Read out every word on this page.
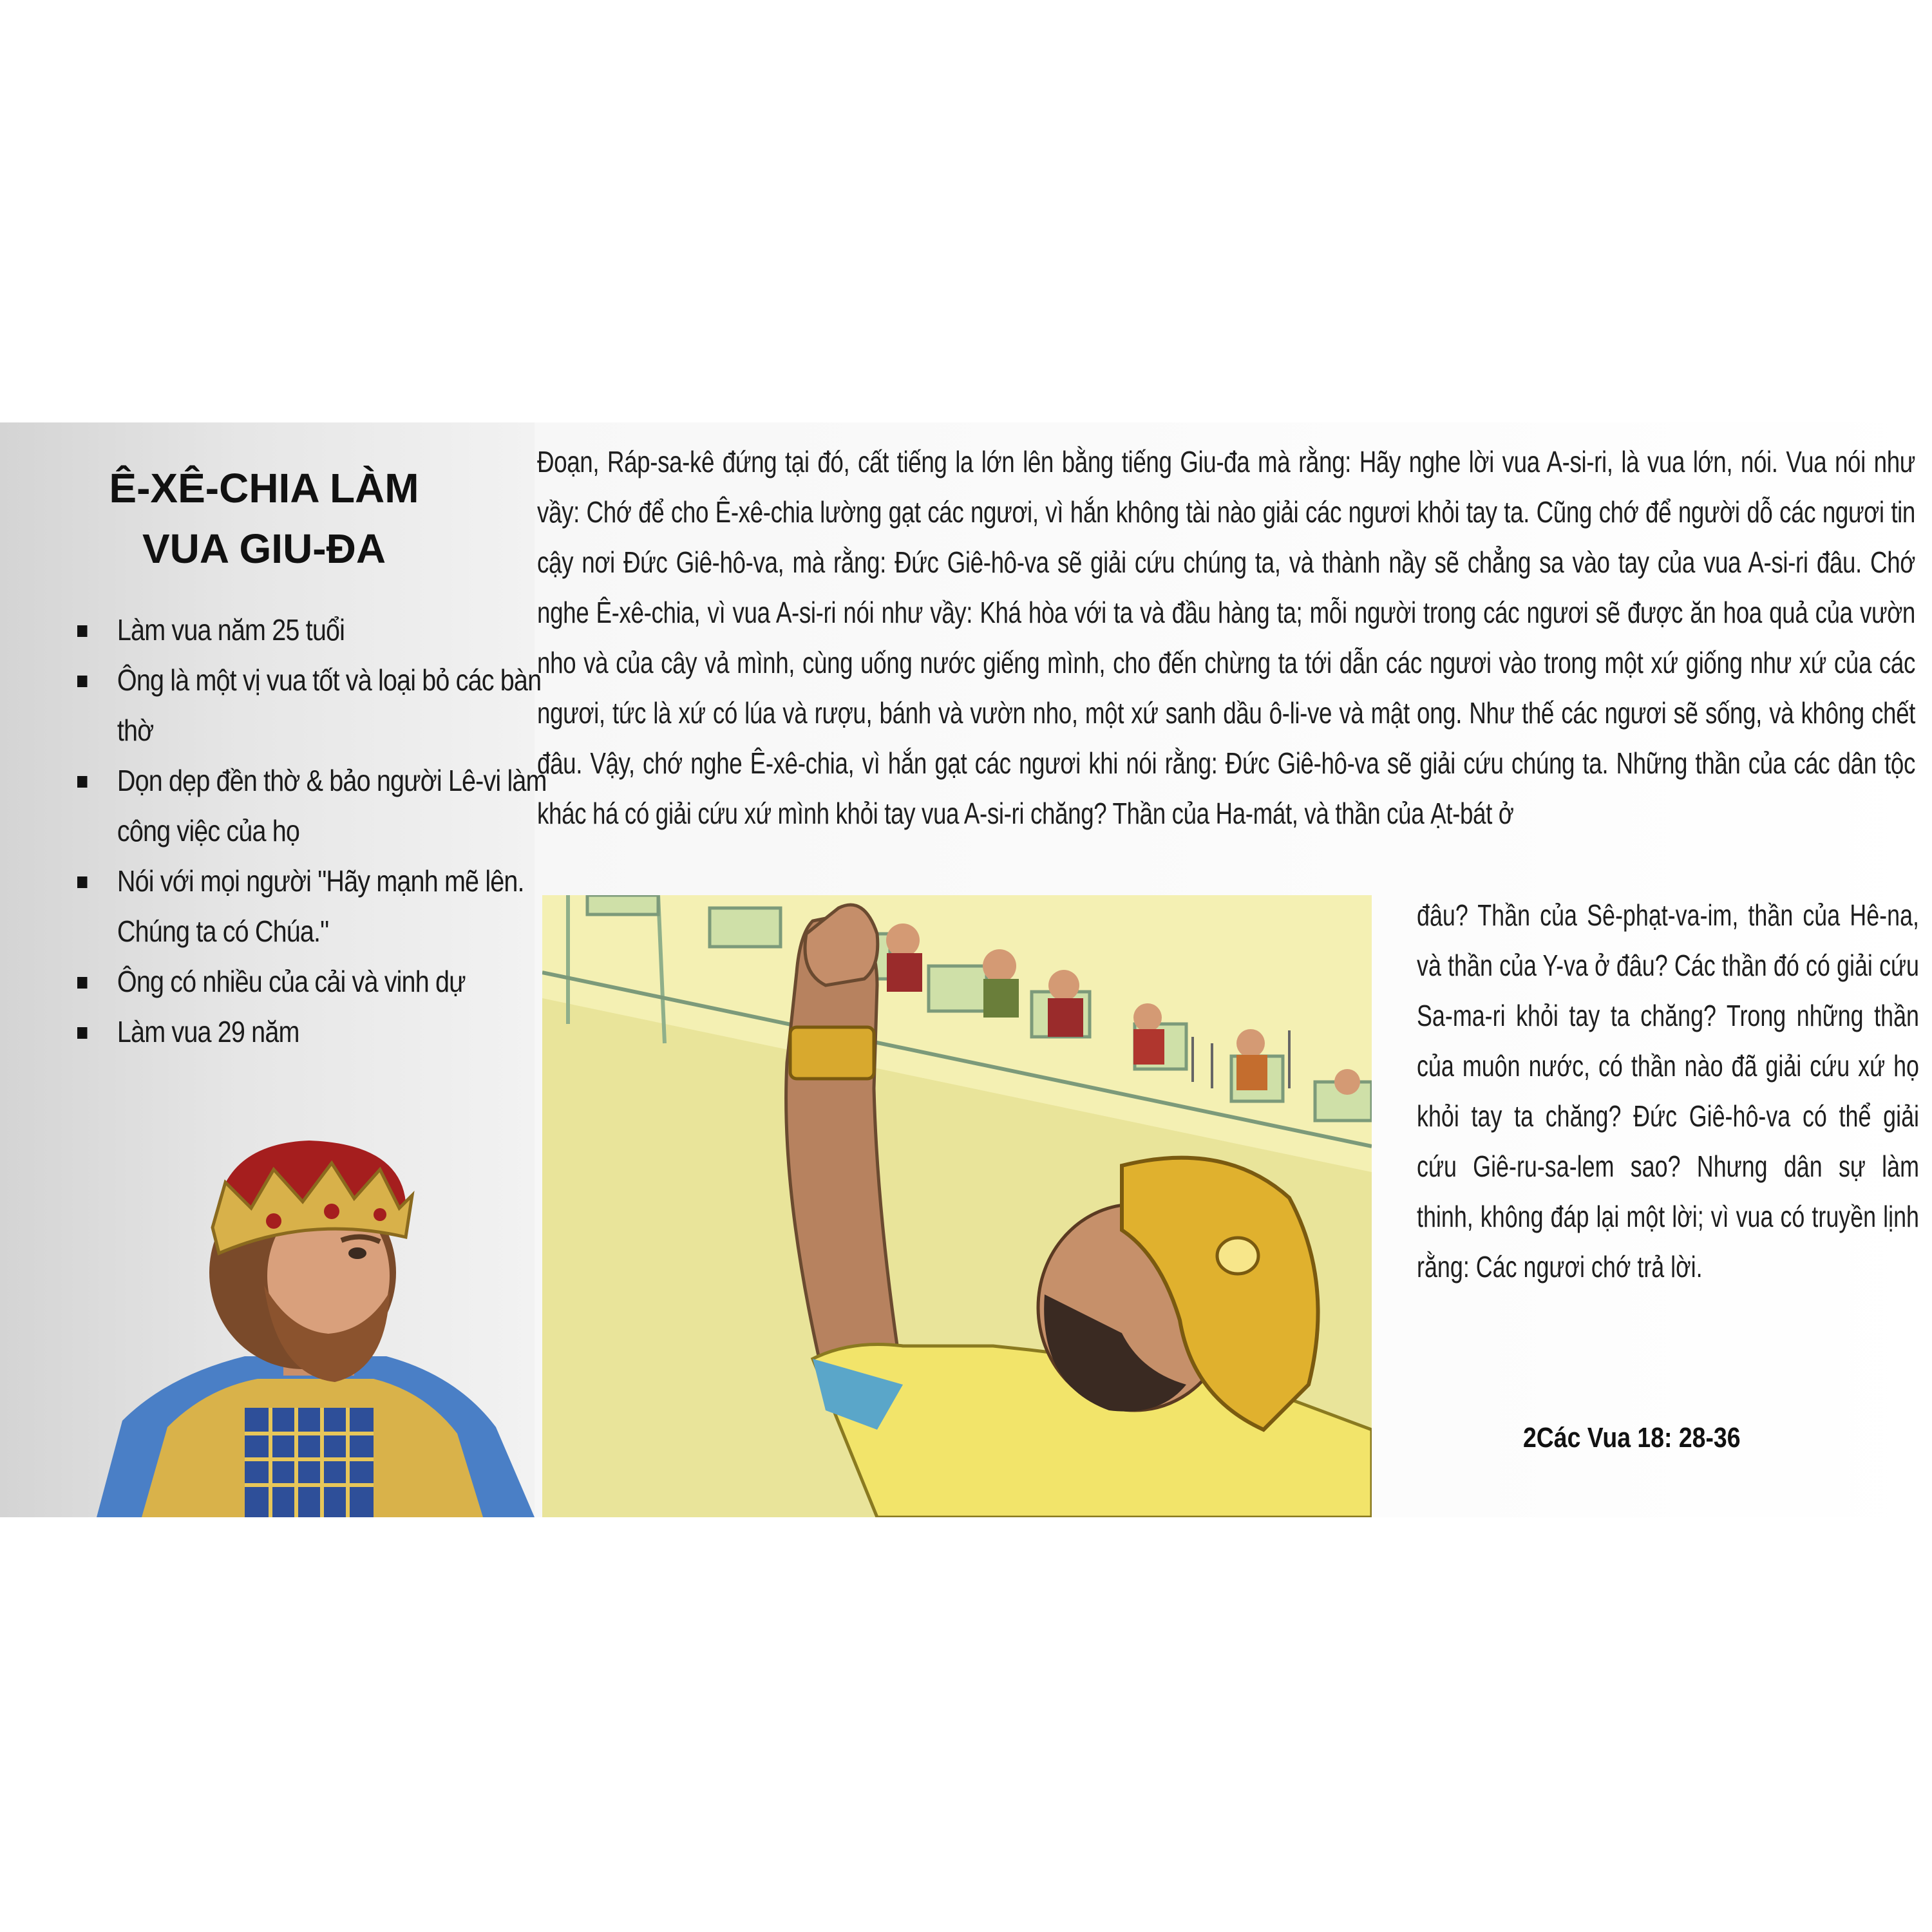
Ê-XÊ-CHIA LÀM
VUA GIU-ĐA
Làm vua năm 25 tuổi
Ông là một vị vua tốt và loại bỏ các bàn thờ
Dọn dẹp đền thờ & bảo người Lê-vi làm công việc của họ
Nói với mọi người "Hãy mạnh mẽ lên. Chúng ta có Chúa."
Ông có nhiều của cải và vinh dự
Làm vua 29 năm
Đoạn, Ráp-sa-kê đứng tại đó, cất tiếng la lớn lên bằng tiếng Giu-đa mà rằng: Hãy nghe lời vua A-si-ri, là vua lớn, nói. Vua nói như vầy: Chớ để cho Ê-xê-chia lường gạt các ngươi, vì hắn không tài nào giải các ngươi khỏi tay ta. Cũng chớ để người dỗ các ngươi tin cậy nơi Đức Giê-hô-va, mà rằng: Đức Giê-hô-va sẽ giải cứu chúng ta, và thành nầy sẽ chẳng sa vào tay của vua A-si-ri đâu. Chớ nghe Ê-xê-chia, vì vua A-si-ri nói như vầy: Khá hòa với ta và đầu hàng ta; mỗi người trong các ngươi sẽ được ăn hoa quả của vườn nho và của cây vả mình, cùng uống nước giếng mình, cho đến chừng ta tới dẫn các ngươi vào trong một xứ giống như xứ của các ngươi, tức là xứ có lúa và rượu, bánh và vườn nho, một xứ sanh dầu ô-li-ve và mật ong. Như thế các ngươi sẽ sống, và không chết đâu. Vậy, chớ nghe Ê-xê-chia, vì hắn gạt các ngươi khi nói rằng: Đức Giê-hô-va sẽ giải cứu chúng ta. Những thần của các dân tộc khác há có giải cứu xứ mình khỏi tay vua A-si-ri chăng? Thần của Ha-mát, và thần của Ạt-bát ở
đâu? Thần của Sê-phạt-va-im, thần của Hê-na, và thần của Y-va ở đâu? Các thần đó có giải cứu Sa-ma-ri khỏi tay ta chăng? Trong những thần của muôn nước, có thần nào đã giải cứu xứ họ khỏi tay ta chăng? Đức Giê-hô-va có thể giải cứu Giê-ru-sa-lem sao? Nhưng dân sự làm thinh, không đáp lại một lời; vì vua có truyền lịnh rằng: Các ngươi chớ trả lời.
2Các Vua 18: 28-36
